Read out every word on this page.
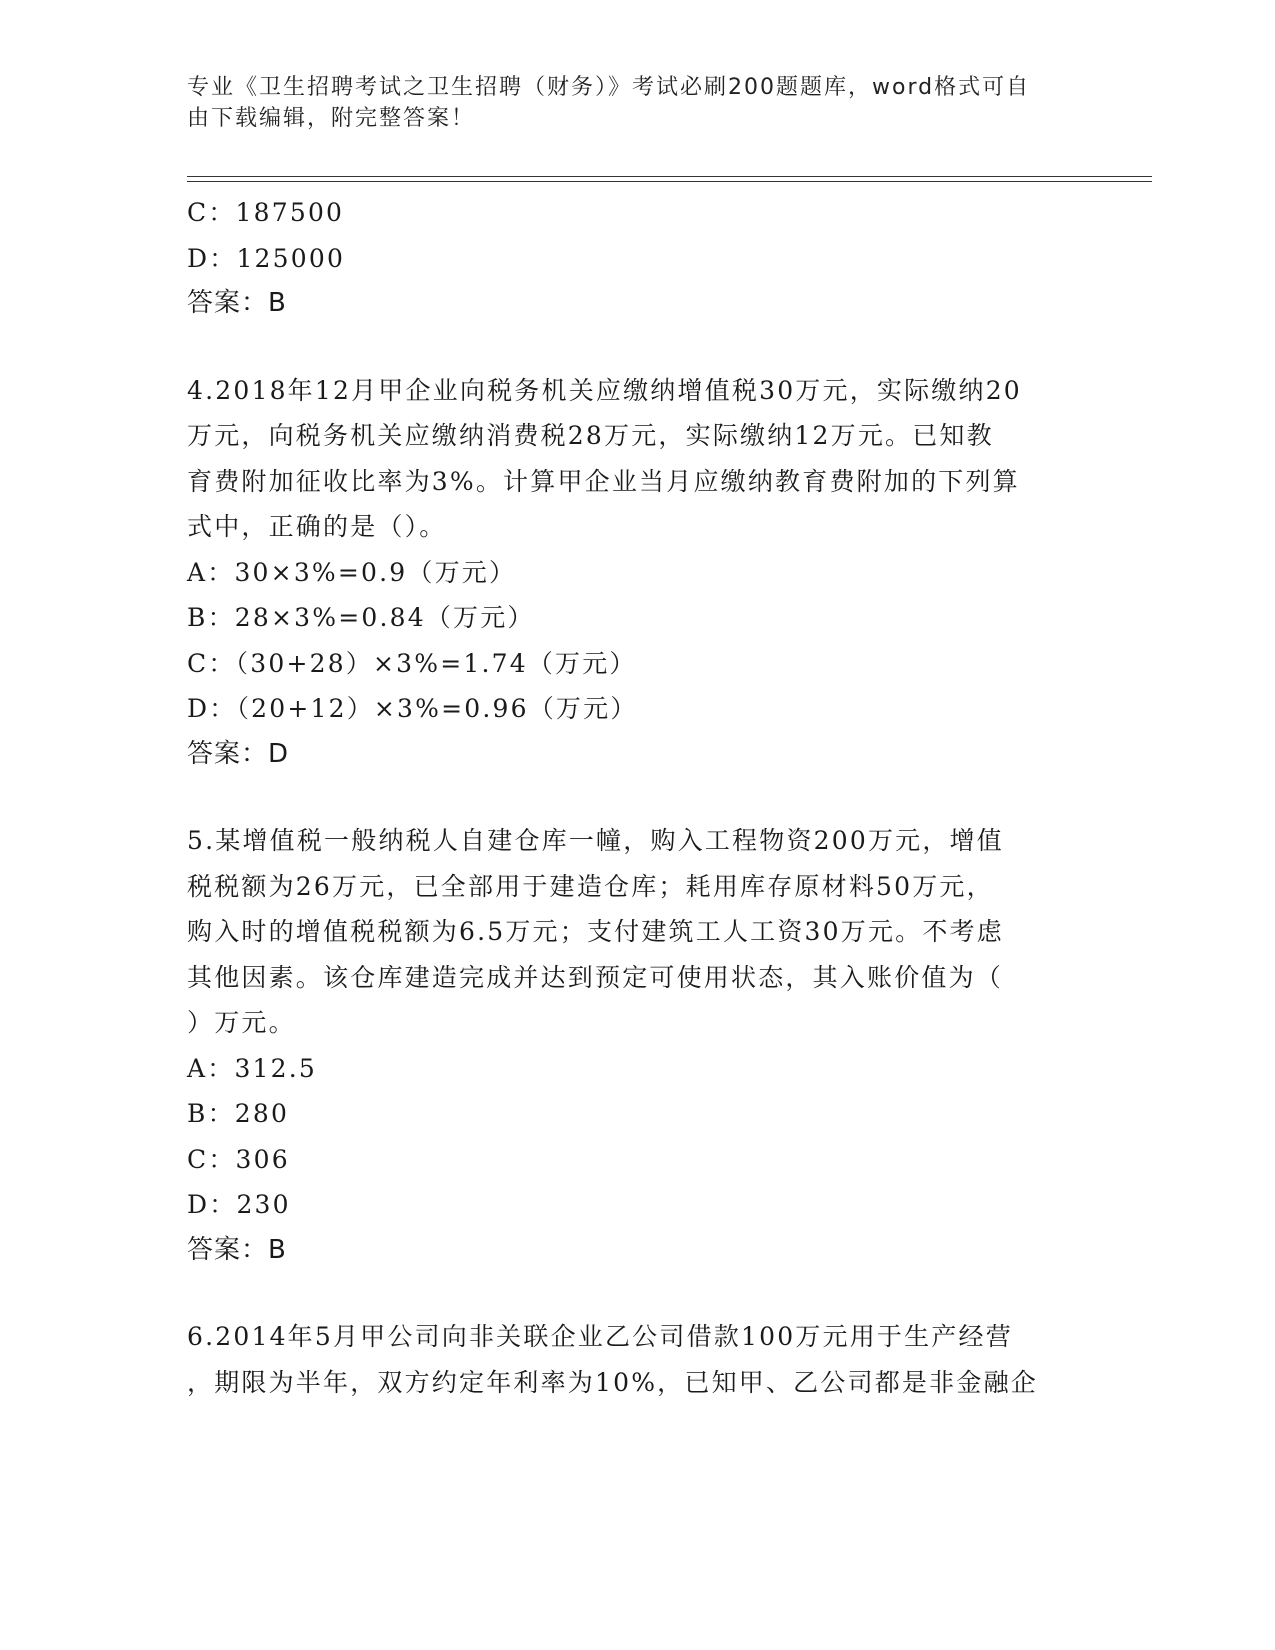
专业《卫生招聘考试之卫生招聘（财务）》考试必刷200题题库，word格式可自
由下载编辑，附完整答案！
C：187500
D：125000
答案：B
4.2018年12月甲企业向税务机关应缴纳增值税30万元，实际缴纳20
万元，向税务机关应缴纳消费税28万元，实际缴纳12万元。已知教
育费附加征收比率为3%。计算甲企业当月应缴纳教育费附加的下列算
式中，正确的是（）。
A：30×3%=0.9（万元）
B：28×3%=0.84（万元）
C：（30+28）×3%=1.74（万元）
D：（20+12）×3%=0.96（万元）
答案：D
5.某增值税一般纳税人自建仓库一幢，购入工程物资200万元，增值
税税额为26万元，已全部用于建造仓库；耗用库存原材料50万元，
购入时的增值税税额为6.5万元；支付建筑工人工资30万元。不考虑
其他因素。该仓库建造完成并达到预定可使用状态，其入账价值为（
）万元。
A：312.5
B：280
C：306
D：230
答案：B
6.2014年5月甲公司向非关联企业乙公司借款100万元用于生产经营
，期限为半年，双方约定年利率为10%，已知甲、乙公司都是非金融企
